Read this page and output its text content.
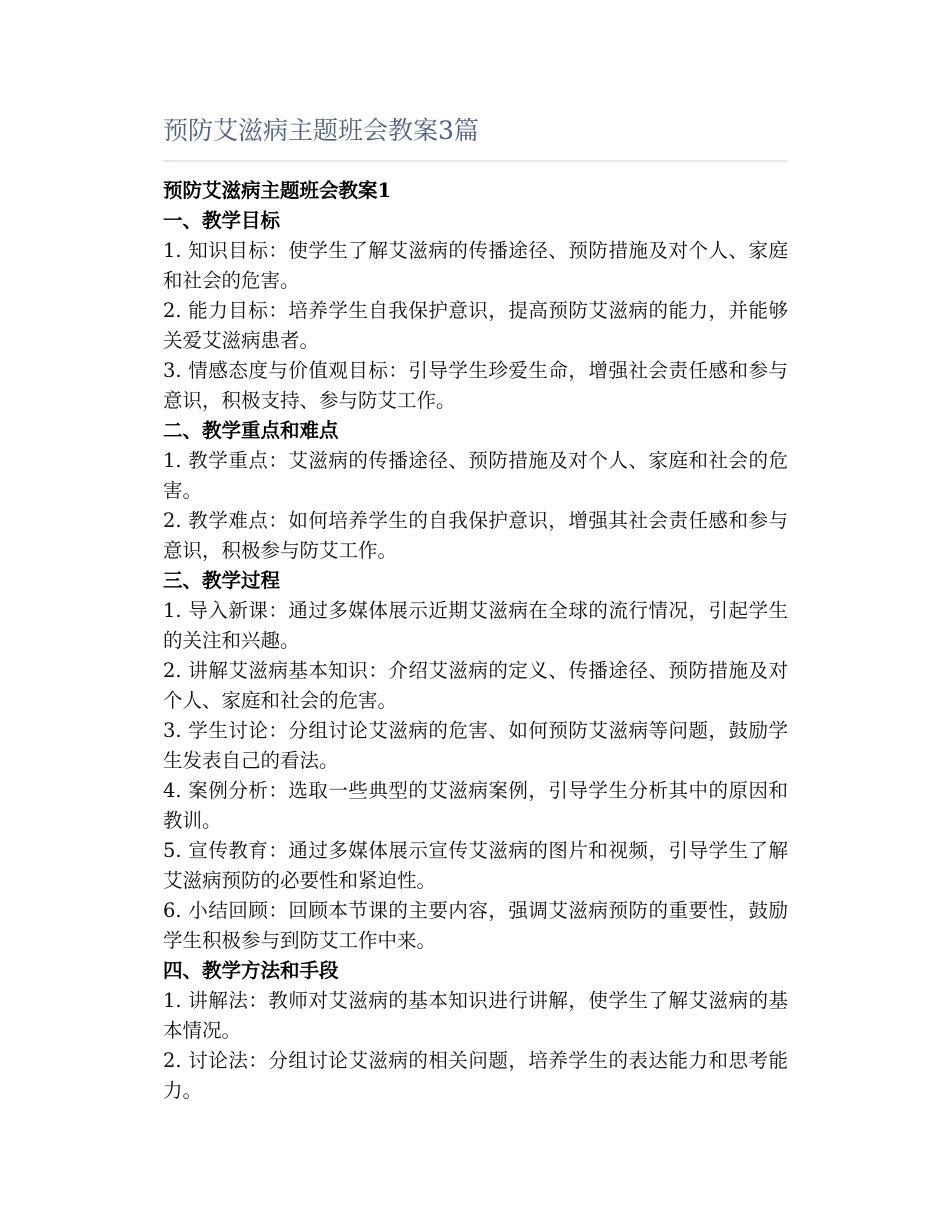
预防艾滋病主题班会教案3篇

预防艾滋病主题班会教案1

一、教学目标

1. 知识目标：使学生了解艾滋病的传播途径、预防措施及对个人、家庭和社会的危害。

2. 能力目标：培养学生自我保护意识，提高预防艾滋病的能力，并能够关爱艾滋病患者。

3. 情感态度与价值观目标：引导学生珍爱生命，增强社会责任感和参与意识，积极支持、参与防艾工作。

二、教学重点和难点

1. 教学重点：艾滋病的传播途径、预防措施及对个人、家庭和社会的危害。

2. 教学难点：如何培养学生的自我保护意识，增强其社会责任感和参与意识，积极参与防艾工作。

三、教学过程

1. 导入新课：通过多媒体展示近期艾滋病在全球的流行情况，引起学生的关注和兴趣。

2. 讲解艾滋病基本知识：介绍艾滋病的定义、传播途径、预防措施及对个人、家庭和社会的危害。

3. 学生讨论：分组讨论艾滋病的危害、如何预防艾滋病等问题，鼓励学生发表自己的看法。

4. 案例分析：选取一些典型的艾滋病案例，引导学生分析其中的原因和教训。

5. 宣传教育：通过多媒体展示宣传艾滋病的图片和视频，引导学生了解艾滋病预防的必要性和紧迫性。

6. 小结回顾：回顾本节课的主要内容，强调艾滋病预防的重要性，鼓励学生积极参与到防艾工作中来。

四、教学方法和手段

1. 讲解法：教师对艾滋病的基本知识进行讲解，使学生了解艾滋病的基本情况。

2. 讨论法：分组讨论艾滋病的相关问题，培养学生的表达能力和思考能力。
